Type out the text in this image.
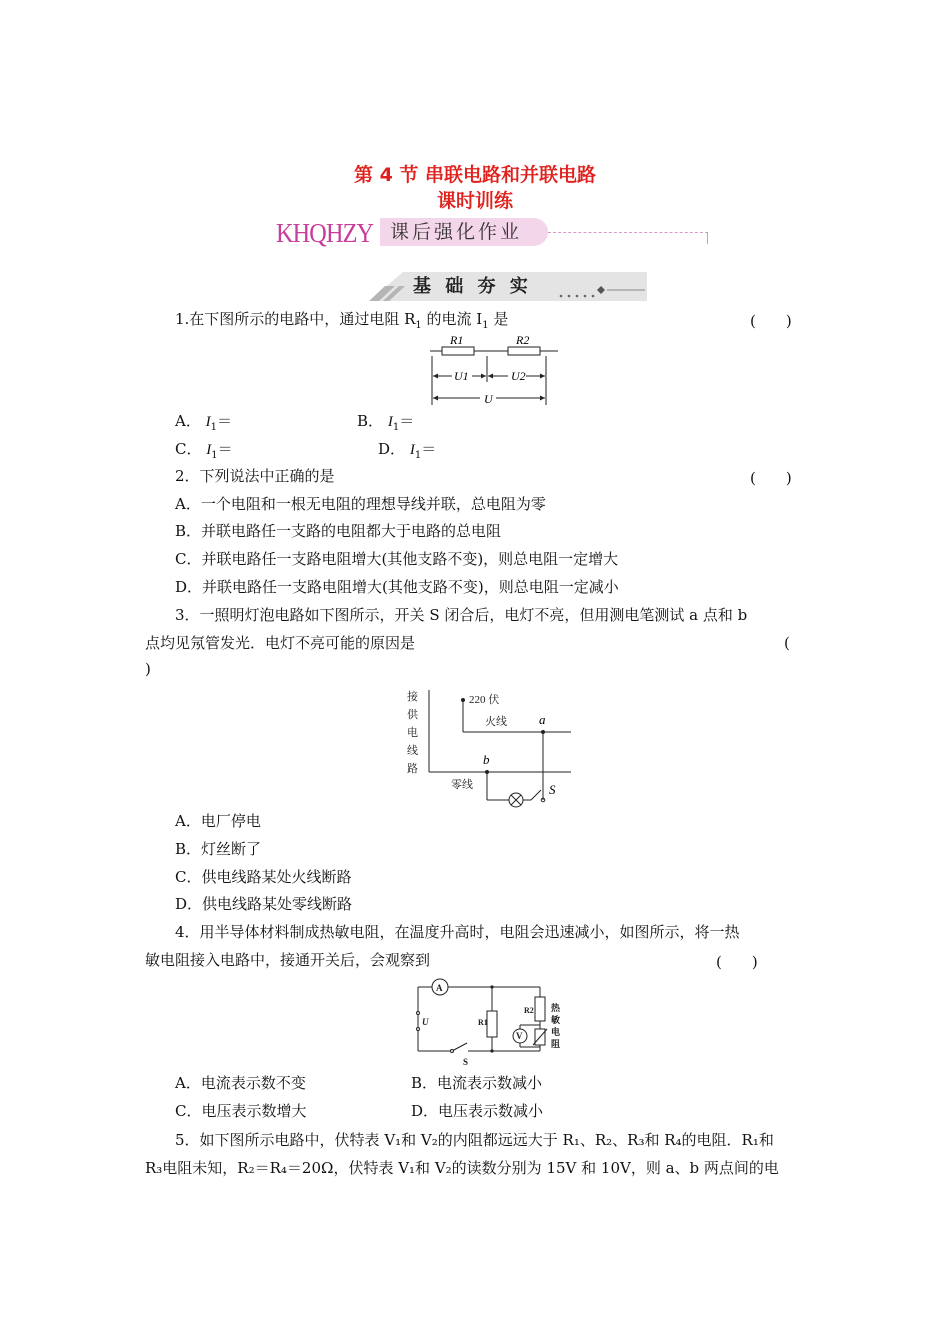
第 4 节 串联电路和并联电路
课时训练
KHQHZY 课后强化作业
基 础 夯 实
1.在下图所示的电路中，通过电阻 $R_1$ 的电流 $I_1$ 是	(　　)
R1	R2
U1	U2
U
A． $I_1=$	B． $I_1=$
C． $I_1=$	D． $I_1=$
2．下列说法中正确的是	(　　)
A．一个电阻和一根无电阻的理想导线并联，总电阻为零
B．并联电路任一支路的电阻都大于电路的总电阻
C．并联电路任一支路电阻增大(其他支路不变)，则总电阻一定增大
D．并联电路任一支路电阻增大(其他支路不变)，则总电阻一定减小
3．一照明灯泡电路如下图所示，开关 S 闭合后，电灯不亮，但用测电笔测试 a 点和 b
点均见氖管发光．电灯不亮可能的原因是	(
)
接
供
电
线
路
220 伏
火线
零线
a
b
S
A．电厂停电
B．灯丝断了
C．供电线路某处火线断路
D．供电线路某处零线断路
4．用半导体材料制成热敏电阻，在温度升高时，电阻会迅速减小，如图所示，将一热
敏电阻接入电路中，接通开关后，会观察到	(　　)
A
V
U	R1
R2
S
热
敏
电
阻
A．电流表示数不变	B．电流表示数减小
C．电压表示数增大	D．电压表示数减小
5．如下图所示电路中，伏特表 V₁和 V₂的内阻都远远大于 R₁、R₂、R₃和 R₄的电阻．R₁和
R₃电阻未知，R₂＝R₄＝20Ω，伏特表 V₁和 V₂的读数分别为 15V 和 10V，则 a、b 两点间的电
